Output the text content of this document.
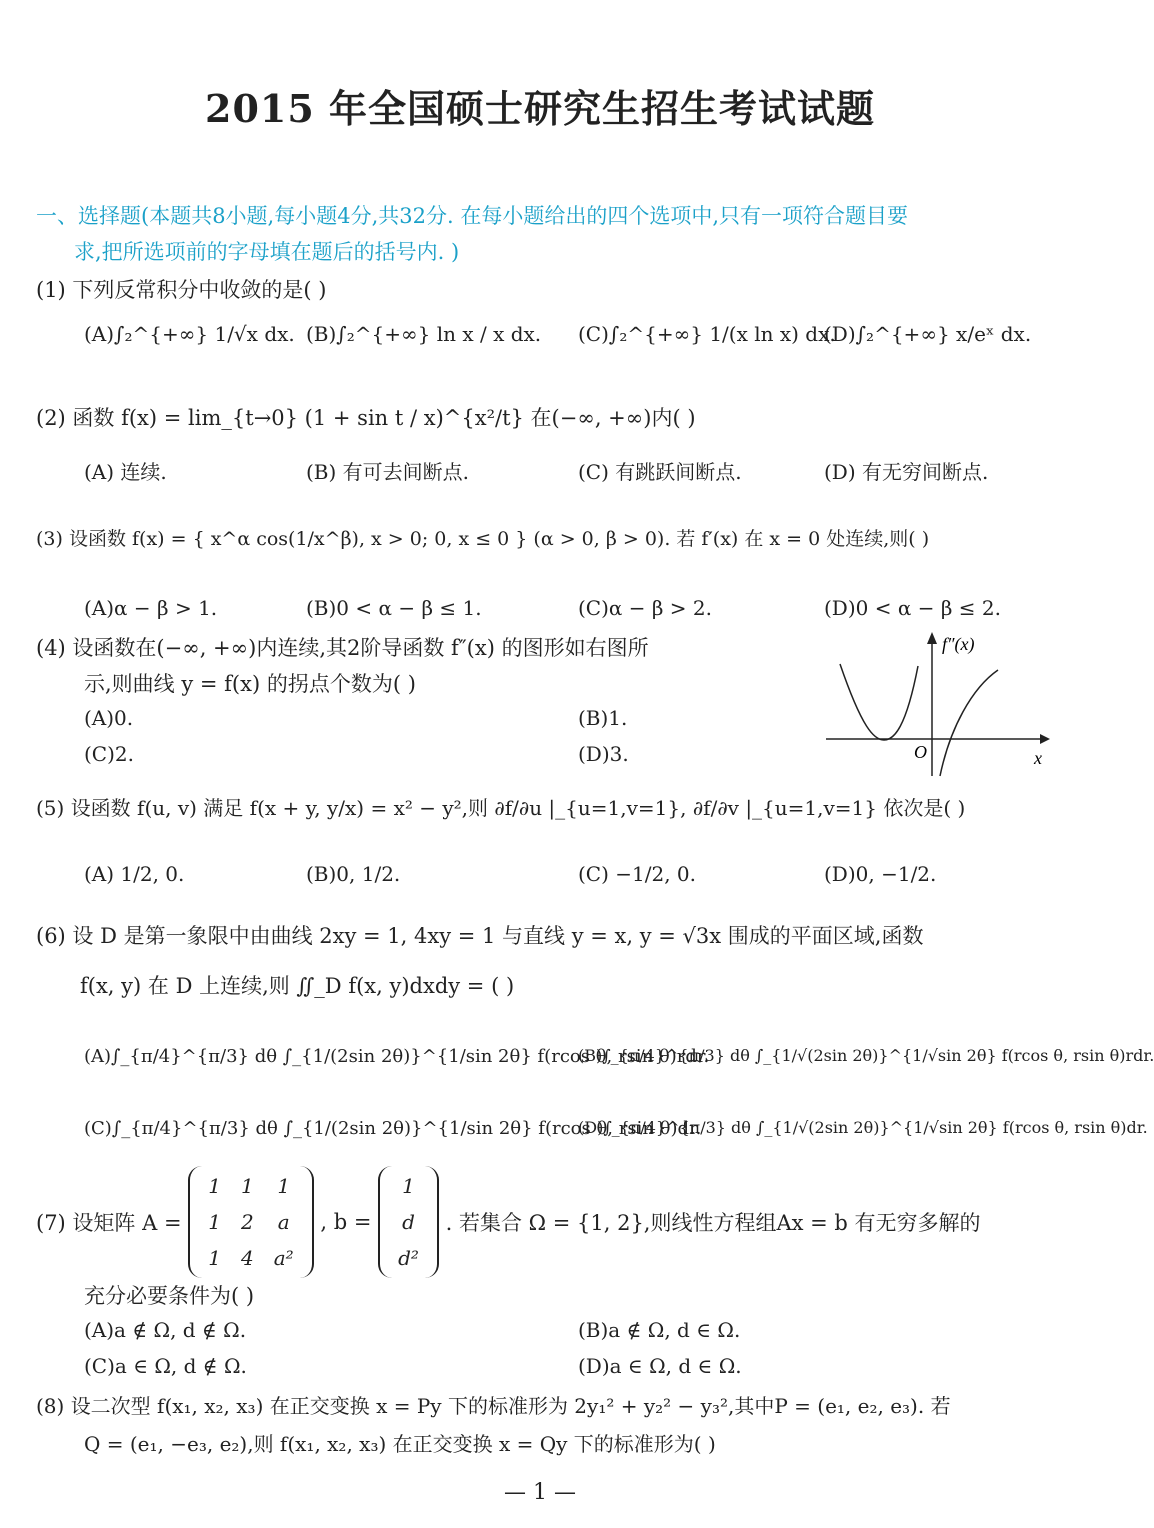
2015 年全国硕士研究生招生考试试题
一、选择题(本题共8小题,每小题4分,共32分. 在每小题给出的四个选项中,只有一项符合题目要
求,把所选项前的字母填在题后的括号内. )
(1) 下列反常积分中收敛的是( )
(A)∫₂^{+∞} 1/√x dx. (B)∫₂^{+∞} ln x / x dx. (C)∫₂^{+∞} 1/(x ln x) dx.
(D)∫₂^{+∞} x/eˣ dx.
(2) 函数 f(x) = lim_{t→0} (1 + sin t / x)^{x²/t} 在(−∞, +∞)内( )
(A) 连续.	(B) 有可去间断点.	(C) 有跳跃间断点.	(D) 有无穷间断点.
(3) 设函数 f(x) = { x^α cos(1/x^β), x > 0; 0, x ≤ 0 } (α > 0, β > 0). 若 f′(x) 在 x = 0 处连续,则( )
(A)α − β > 1.	(B)0 < α − β ≤ 1.	(C)α − β > 2.	(D)0 < α − β ≤ 2.
(4) 设函数在(−∞, +∞)内连续,其2阶导函数 f″(x) 的图形如右图所
示,则曲线 y = f(x) 的拐点个数为( )
(A)0.	(B)1.
(C)2.	(D)3.
f″(x)
x
O
(5) 设函数 f(u, v) 满足 f(x + y, y/x) = x² − y²,则 ∂f/∂u |_{u=1,v=1}, ∂f/∂v |_{u=1,v=1} 依次是( )
(A) 1/2, 0.	(B)0, 1/2.	(C) −1/2, 0.	(D)0, −1/2.
(6) 设 D 是第一象限中由曲线 2xy = 1, 4xy = 1 与直线 y = x, y = √3x 围成的平面区域,函数
f(x, y) 在 D 上连续,则 ∬_D f(x, y)dxdy = ( )
(A)∫_{π/4}^{π/3} dθ ∫_{1/(2sin 2θ)}^{1/sin 2θ} f(rcos θ, rsin θ)rdr.
(B)∫_{π/4}^{π/3} dθ ∫_{1/√(2sin 2θ)}^{1/√sin 2θ} f(rcos θ, rsin θ)rdr.
(C)∫_{π/4}^{π/3} dθ ∫_{1/(2sin 2θ)}^{1/sin 2θ} f(rcos θ, rsin θ)dr.
(D)∫_{π/4}^{π/3} dθ ∫_{1/√(2sin 2θ)}^{1/√sin 2θ} f(rcos θ, rsin θ)dr.
(7) 设矩阵 A =
1	1	1
1	2	a
1	4	a²
, b =
1
d
d²
. 若集合 Ω = {1, 2},则线性方程组Ax = b 有无穷多解的
充分必要条件为( )
(A)a ∉ Ω, d ∉ Ω.	(B)a ∉ Ω, d ∈ Ω.
(C)a ∈ Ω, d ∉ Ω.	(D)a ∈ Ω, d ∈ Ω.
(8) 设二次型 f(x₁, x₂, x₃) 在正交变换 x = Py 下的标准形为 2y₁² + y₂² − y₃²,其中P = (e₁, e₂, e₃). 若
Q = (e₁, −e₃, e₂),则 f(x₁, x₂, x₃) 在正交变换 x = Qy 下的标准形为( )
— 1 —
